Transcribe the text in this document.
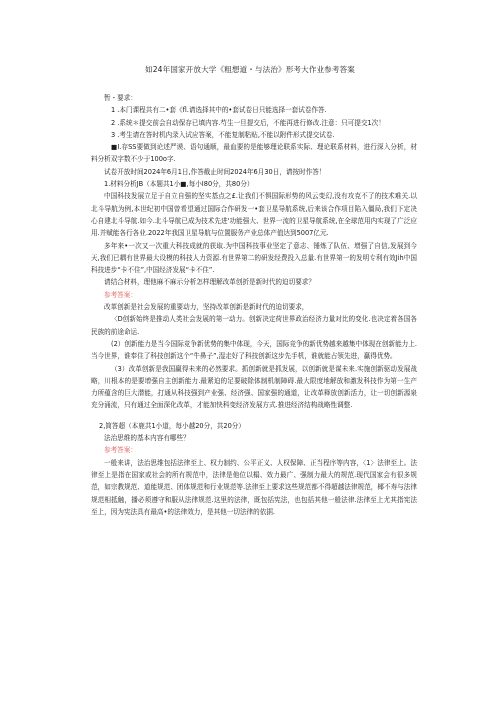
如24年国家开放大学《粗想道・与法治》形考大作业参考答案

暂・要求：

1 .本门课程共有二•套《fl.请选择其中的•套试卷日只能选择一套试卷作答.

2 .系统＊提交前会自动保存已填内容.芍生一旦提交后，不能再进行修改.注意：只可提交1次！

3 .考生请在答时机内录入试应答案，不能复制粘贴,不能以附件形式提交试卷.

■I.存SS要做到论述严谟、语句通顺，最血要的是能够理论联系实际、理论联系材料，进行深入分析，材料分析双字数不少于100o字.

试卷开放时间2024年6月1日,作答截止时间2024年6月30日，请按时作答！

1.材料分析JB（本题共1小■,每小I80分，共80分）

中国科技发展立足于自立自强的坚实基点之£.让我们不惧国际形势的风云变幻,没有攻克不了的技术难关.以北斗导航为例,本世纪初中国曾希望通过国际合作研发一•套卫星导航系统,后来该合作项目陷入僵局,我们下定决心自建北斗导航.如今.北斗导航已成为技术先进'功能强大、世界一流的卫星导航系统,在全球范用内实现了广泛应用.并赋能各行各业.2022年我国卫星导航与位置服务产业总体产值达到5007亿元.

多年来•一次又一次重大科技成就的获取.为中国科技事业坚定了意志、锤炼了队伍、增强了自信,发展到今天,我们已耦有世界最大设模的科技人力资源.有世界第二的研发经费投入总量.有世界第一的发明专利有效Jih中国科技进步“卡不住”,中国经济发展“卡不住”.

请结合材料，理他麻不麻示分析怎样理解改革创折是新时代的迫切要求？

参考答案：

改革创新是社会发展的重要动力，坚持改革创新是新时代的迫切要求，

〈D创新始终是推动人类社会发展的第一动力。创新决定荷世界政治经济力量对比的变化.也决定着各国各民族的前途命运.

(2）创新能力是当今国际竞争新优势的集中体现，今天，国际竞争的新优势越来越集中体现在创新能力上.当今世界，谁奉住了科技创新这个“牛鼻子”,湿走好了科技创新这步先手机，谁就能占领先进，赢得优势。

（3）改革创新是我国赢得未来的必然要求。抓创新就是抓发展，以创新就是谋未来.实施创新驱动发展战略，川根本的是要增强自主创新能力.最紧迫的足要破除体制机制障碍.最大限度地解放和激发科技作为第一生产力所蕴含的巨大潜能，打通从科技强到产业强、经济强、国家强的通道，让改革释放创新活力，让一切创新源泉充分涌流，只有通过全面深化改革，才能加快科变经济发展方式.推进经济结构战略性调整.

2,简答超（本鹿共1小道，每小越20分，共20分）

法治思维的基本内容有哪些？

参考答案：

一般来讲，法治思维包括法律至上、权力制约、公平正义、人权保障、正当程序等内容，〈1〉法律至上。法律至上是指在国家或社会的所有规范中，法律是他位以榻、效力最广、强制力最大的规范.现代国家会有很多规范，如宗教规范、道能规范、团体规范和行业规范等.法律至上要求这些规范都不得超越法律规范，椰不寿与法律规范相抵触，播必须遵守和服从法律规范.这里的法律，既包括宪法，也包括其他一般法律.法律至上尤其指宪法至上，因为宪法具有最高•的法律效力，是其他一切法律的依据.
